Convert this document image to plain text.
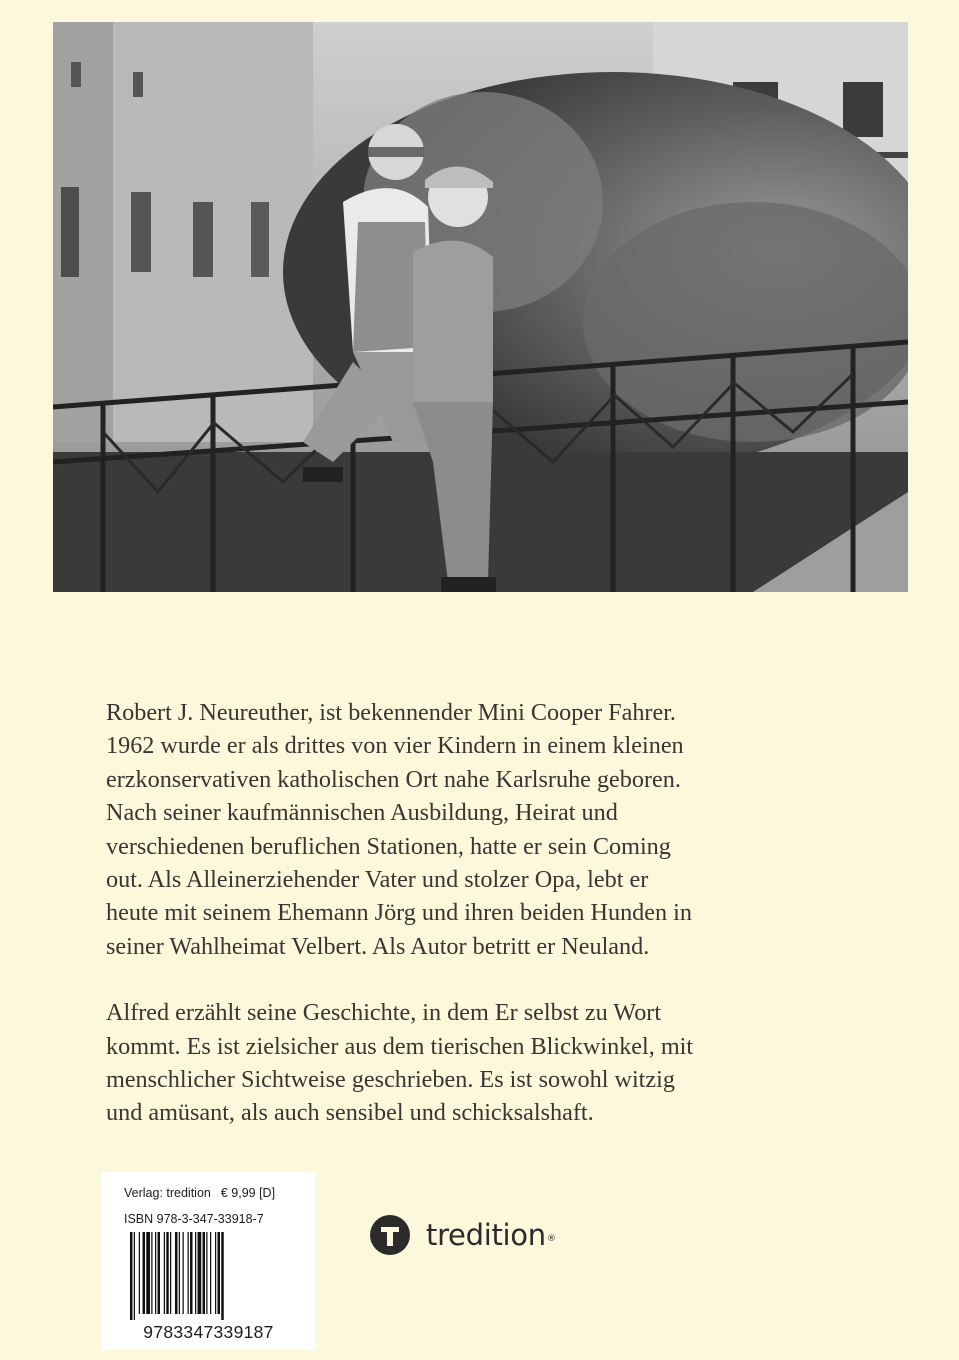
Robert J. Neureuther, ist bekennender Mini Cooper Fahrer.
1962 wurde er als drittes von vier Kindern in einem kleinen
erzkonservativen katholischen Ort nahe Karlsruhe geboren.
Nach seiner kaufmännischen Ausbildung, Heirat und
verschiedenen beruflichen Stationen, hatte er sein Coming
out. Als Alleinerziehender Vater und stolzer Opa, lebt er
heute mit seinem Ehemann Jörg und ihren beiden Hunden in
seiner Wahlheimat Velbert. Als Autor betritt er Neuland.

Alfred erzählt seine Geschichte, in dem Er selbst zu Wort
kommt. Es ist zielsicher aus dem tierischen Blickwinkel, mit
menschlicher Sichtweise geschrieben. Es ist sowohl witzig
und amüsant, als auch sensibel und schicksalshaft.

Verlag: tredition € 9,99 [D]
ISBN 978-3-347-33918-7
9783347339187
tredition®
